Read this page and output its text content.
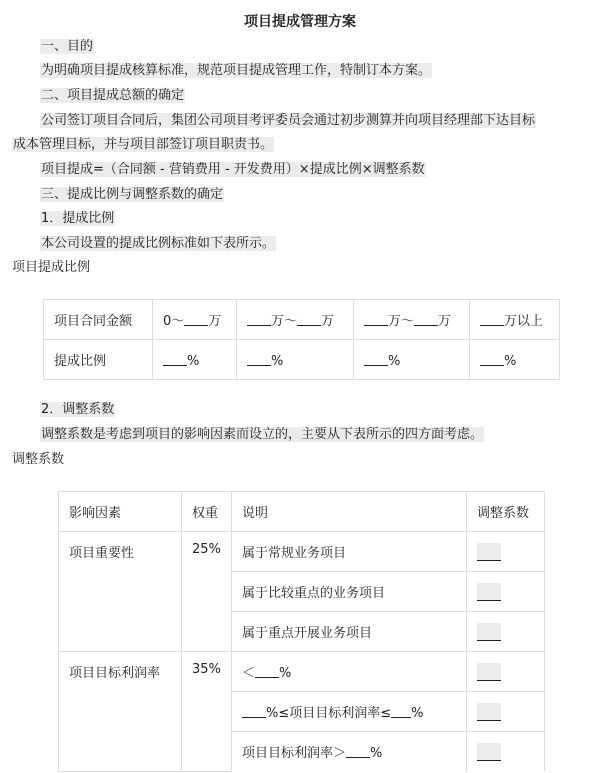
项目提成管理方案
一、目的
为明确项目提成核算标准，规范项目提成管理工作，特制订本方案。
二、项目提成总额的确定
公司签订项目合同后，集团公司项目考评委员会通过初步测算并向项目经理部下达目标
成本管理目标，并与项目部签订项目职责书。
项目提成=（合同额 - 营销费用 - 开发费用）×提成比例×调整系数
三、提成比例与调整系数的确定
1．提成比例
本公司设置的提成比例标准如下表所示。
项目提成比例
项目合同金额	0～ 万	万～ 万	万～ 万	万以上
提成比例	%	%	%	%
2．调整系数
调整系数是考虑到项目的影响因素而设立的，主要从下表所示的四方面考虑。
调整系数
影响因素	权重	说明	调整系数
项目重要性	25%	属于常规业务项目	
		属于比较重点的业务项目	
		属于重点开展业务项目	
项目目标利润率	35%	＜ %	
		%≤项目目标利润率≤ %	
		项目目标利润率＞ %	
